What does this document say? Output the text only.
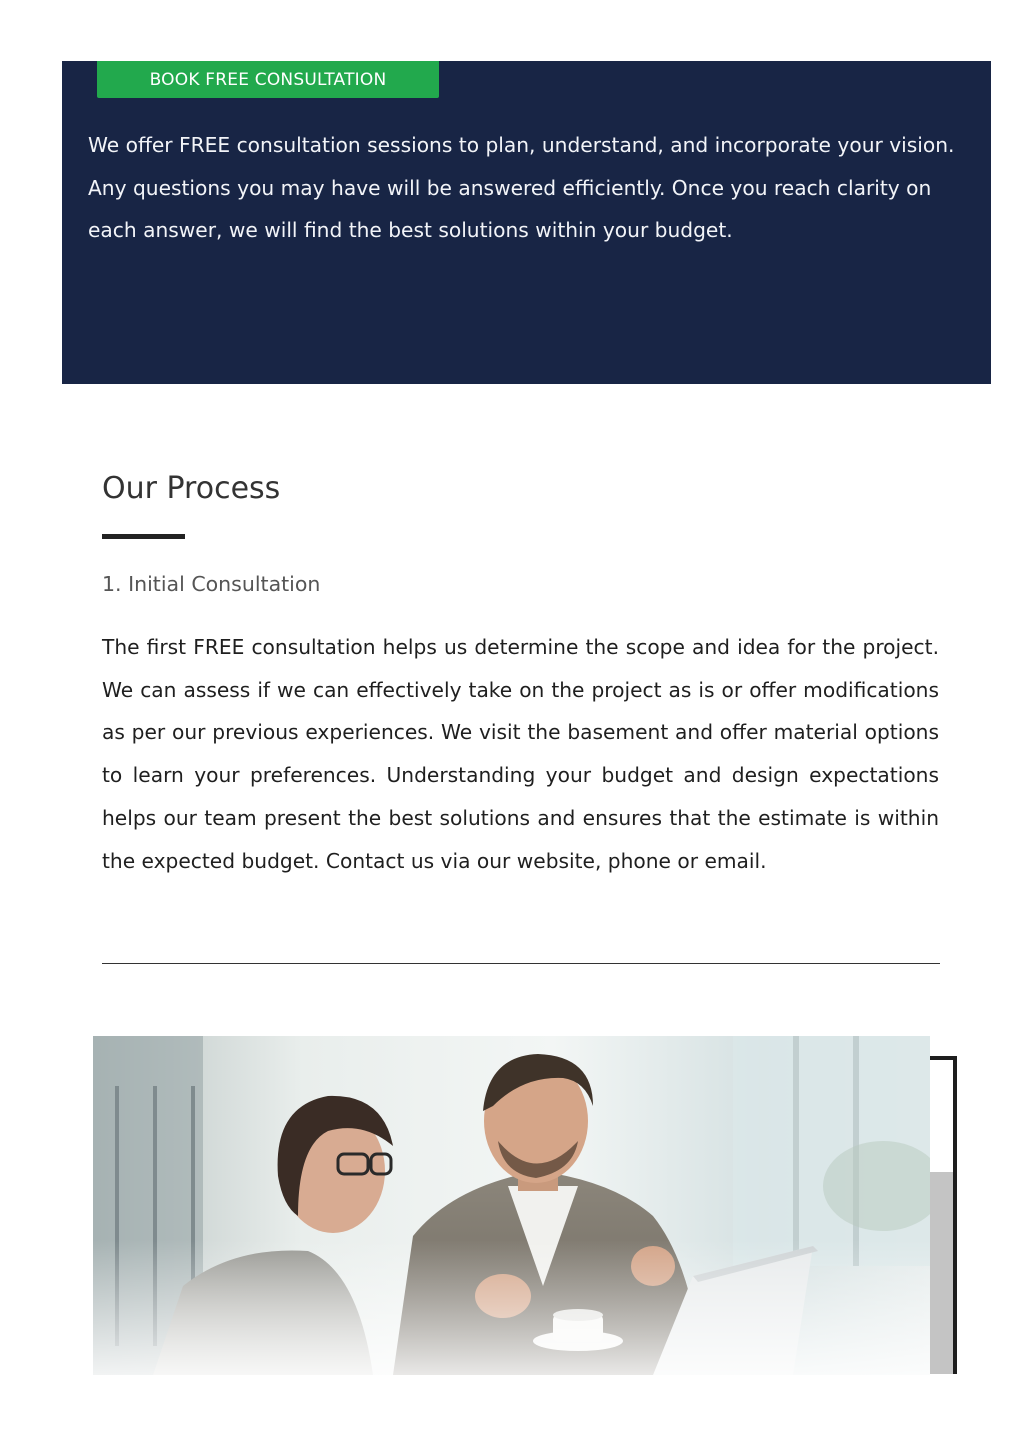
BOOK FREE CONSULTATION

We offer FREE consultation sessions to plan, understand, and incorporate your vision. Any questions you may have will be answered efficiently. Once you reach clarity on each answer, we will find the best solutions within your budget.

Our Process
1. Initial Consultation

The first FREE consultation helps us determine the scope and idea for the project. We can assess if we can effectively take on the project as is or offer modifications as per our previous experiences. We visit the basement and offer material options to learn your preferences. Understanding your budget and design expectations helps our team present the best solutions and ensures that the estimate is within the expected budget. Contact us via our website, phone or email.
